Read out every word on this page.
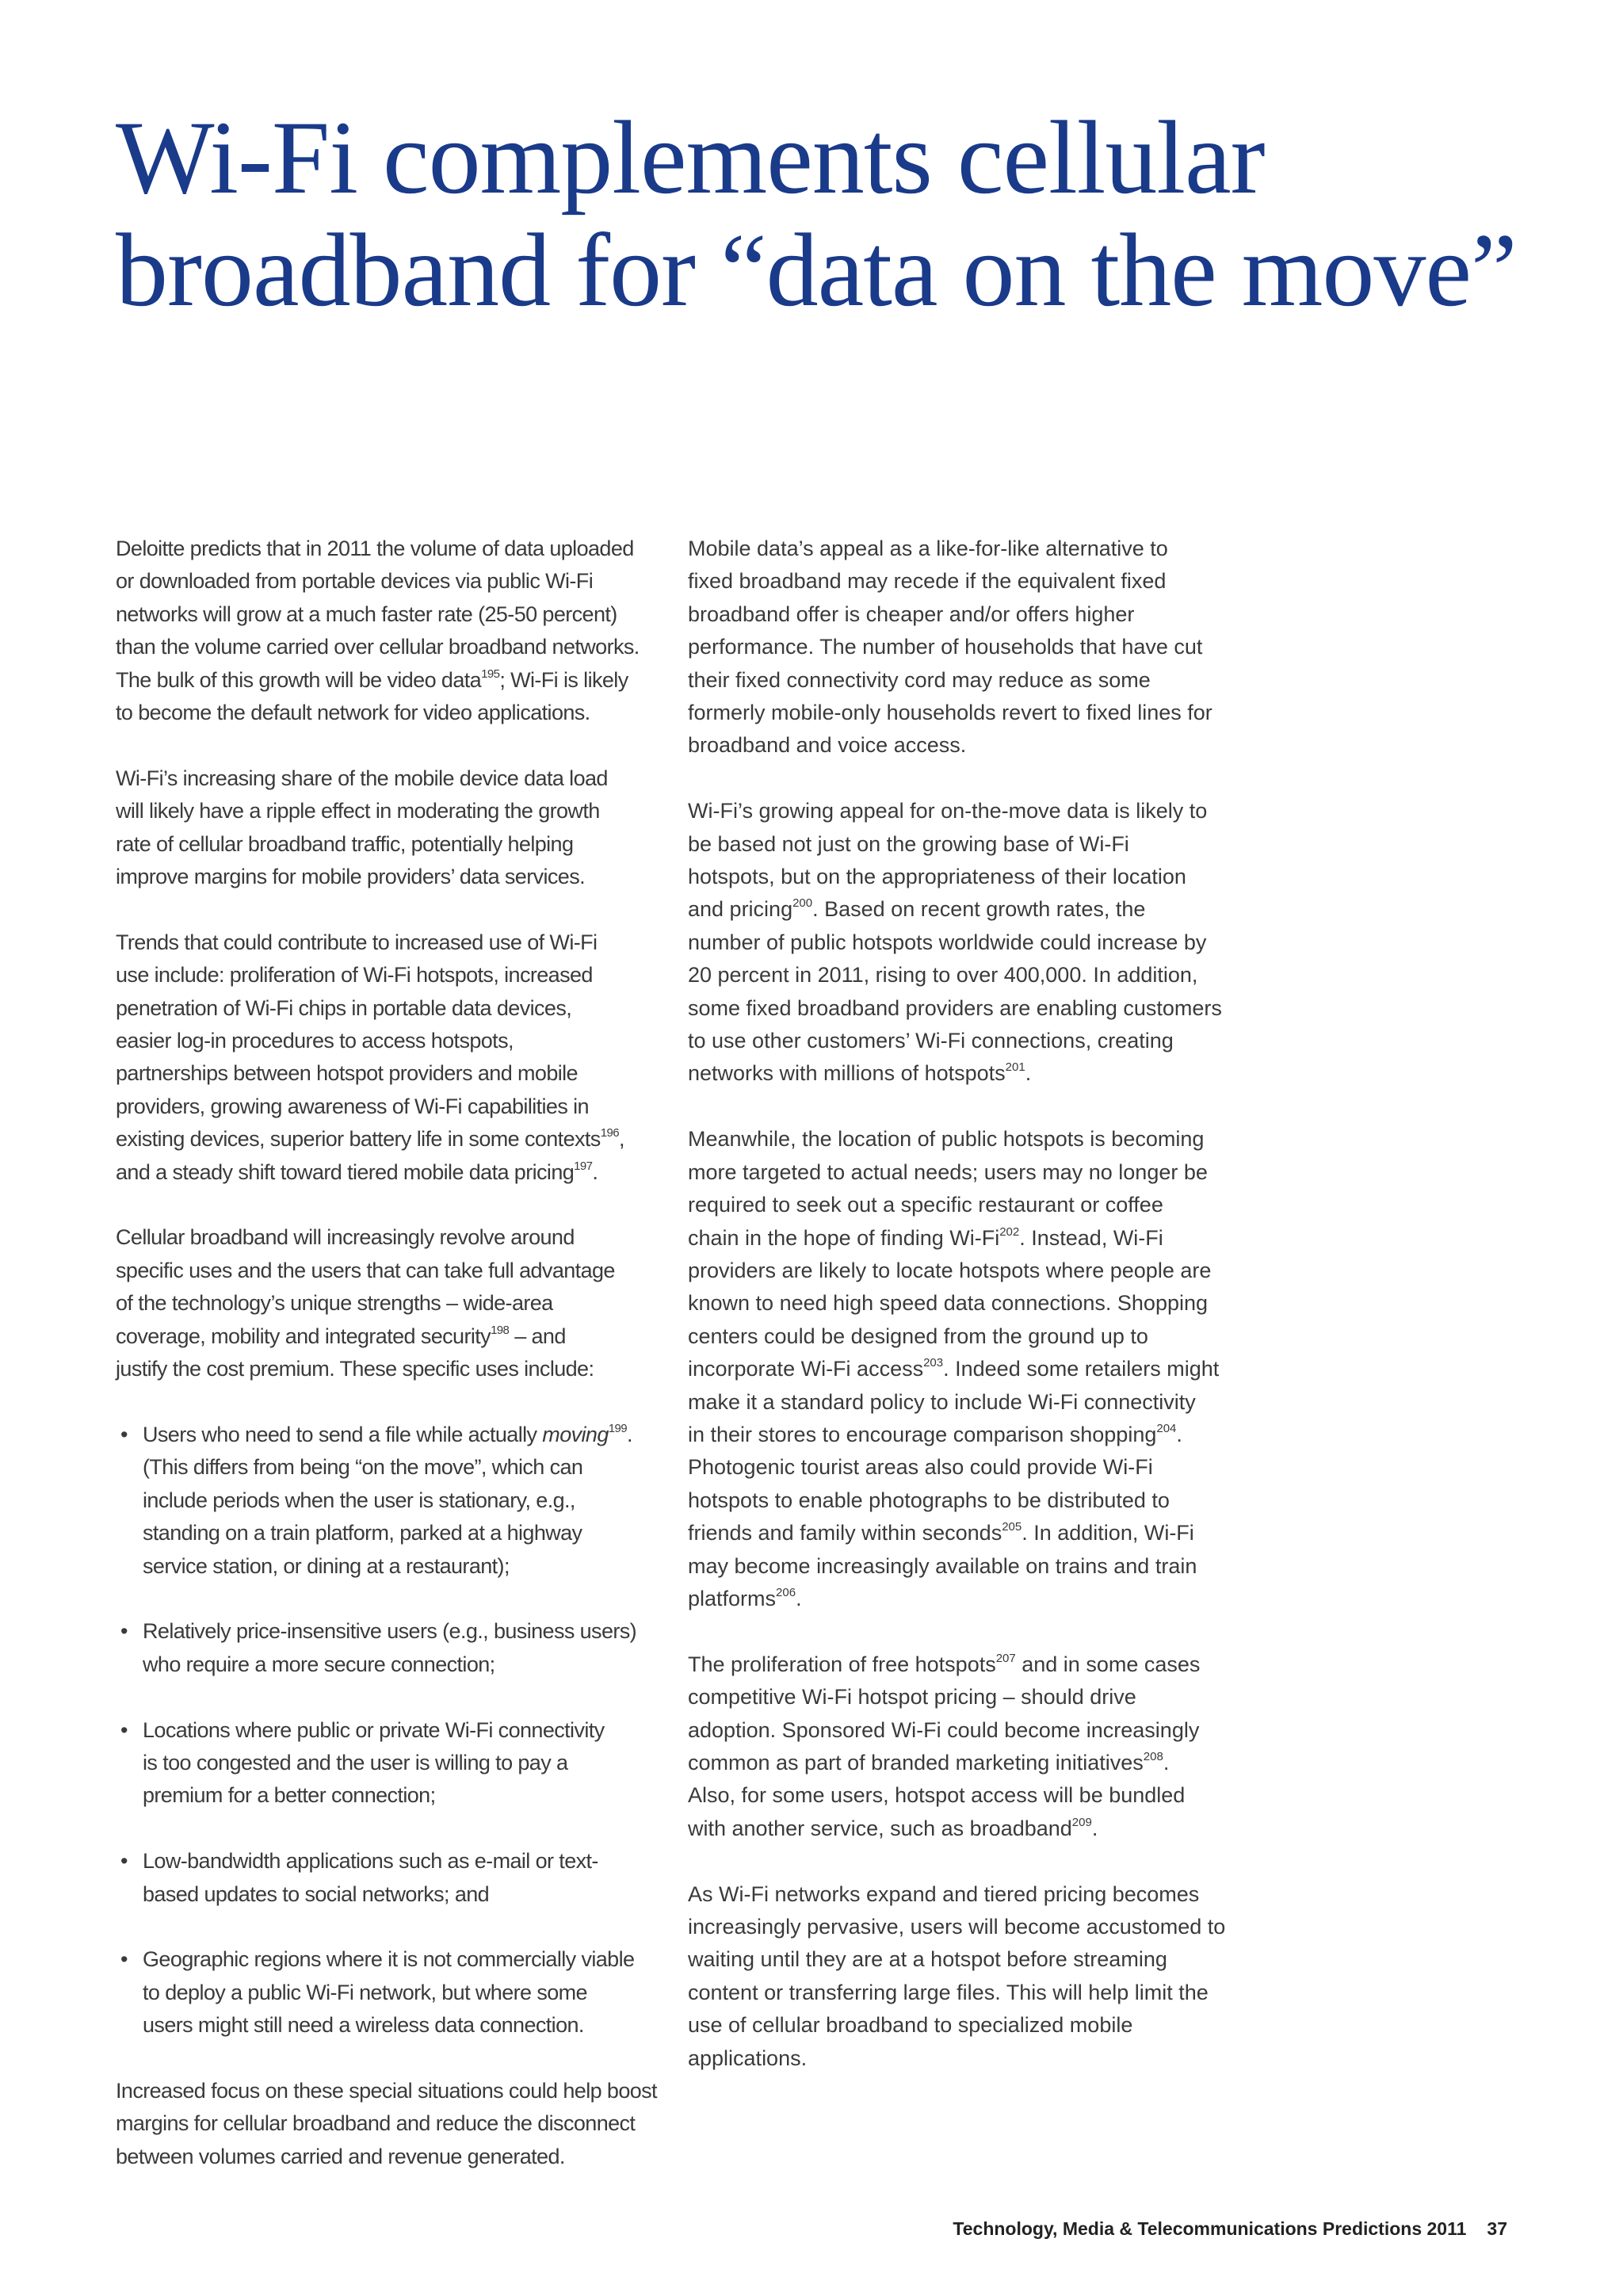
Wi-Fi complements cellular
broadband for “data on the move”

Deloitte predicts that in 2011 the volume of data uploaded
or downloaded from portable devices via public Wi-Fi
networks will grow at a much faster rate (25-50 percent)
than the volume carried over cellular broadband networks.
The bulk of this growth will be video data$^{195}$; Wi-Fi is likely
to become the default network for video applications.

Wi-Fi’s increasing share of the mobile device data load
will likely have a ripple effect in moderating the growth
rate of cellular broadband traffic, potentially helping
improve margins for mobile providers’ data services.

Trends that could contribute to increased use of Wi-Fi
use include: proliferation of Wi-Fi hotspots, increased
penetration of Wi-Fi chips in portable data devices,
easier log-in procedures to access hotspots,
partnerships between hotspot providers and mobile
providers, growing awareness of Wi-Fi capabilities in
existing devices, superior battery life in some contexts$^{196}$,
and a steady shift toward tiered mobile data pricing$^{197}$.

Cellular broadband will increasingly revolve around
specific uses and the users that can take full advantage
of the technology’s unique strengths – wide-area
coverage, mobility and integrated security$^{198}$ – and
justify the cost premium. These specific uses include:

• Users who need to send a file while actually moving$^{199}$.
(This differs from being “on the move”, which can
include periods when the user is stationary, e.g.,
standing on a train platform, parked at a highway
service station, or dining at a restaurant);
• Relatively price-insensitive users (e.g., business users)
who require a more secure connection;
• Locations where public or private Wi-Fi connectivity
is too congested and the user is willing to pay a
premium for a better connection;
• Low-bandwidth applications such as e-mail or text-
based updates to social networks; and
• Geographic regions where it is not commercially viable
to deploy a public Wi-Fi network, but where some
users might still need a wireless data connection.

Increased focus on these special situations could help boost
margins for cellular broadband and reduce the disconnect
between volumes carried and revenue generated.

Mobile data’s appeal as a like-for-like alternative to
fixed broadband may recede if the equivalent fixed
broadband offer is cheaper and/or offers higher
performance. The number of households that have cut
their fixed connectivity cord may reduce as some
formerly mobile-only households revert to fixed lines for
broadband and voice access.

Wi-Fi’s growing appeal for on-the-move data is likely to
be based not just on the growing base of Wi-Fi
hotspots, but on the appropriateness of their location
and pricing$^{200}$. Based on recent growth rates, the
number of public hotspots worldwide could increase by
20 percent in 2011, rising to over 400,000. In addition,
some fixed broadband providers are enabling customers
to use other customers’ Wi-Fi connections, creating
networks with millions of hotspots$^{201}$.

Meanwhile, the location of public hotspots is becoming
more targeted to actual needs; users may no longer be
required to seek out a specific restaurant or coffee
chain in the hope of finding Wi-Fi$^{202}$. Instead, Wi-Fi
providers are likely to locate hotspots where people are
known to need high speed data connections. Shopping
centers could be designed from the ground up to
incorporate Wi-Fi access$^{203}$. Indeed some retailers might
make it a standard policy to include Wi-Fi connectivity
in their stores to encourage comparison shopping$^{204}$.
Photogenic tourist areas also could provide Wi-Fi
hotspots to enable photographs to be distributed to
friends and family within seconds$^{205}$. In addition, Wi-Fi
may become increasingly available on trains and train
platforms$^{206}$.

The proliferation of free hotspots$^{207}$ and in some cases
competitive Wi-Fi hotspot pricing – should drive
adoption. Sponsored Wi-Fi could become increasingly
common as part of branded marketing initiatives$^{208}$.
Also, for some users, hotspot access will be bundled
with another service, such as broadband$^{209}$.

As Wi-Fi networks expand and tiered pricing becomes
increasingly pervasive, users will become accustomed to
waiting until they are at a hotspot before streaming
content or transferring large files. This will help limit the
use of cellular broadband to specialized mobile
applications.

Technology, Media & Telecommunications Predictions 2011 37
